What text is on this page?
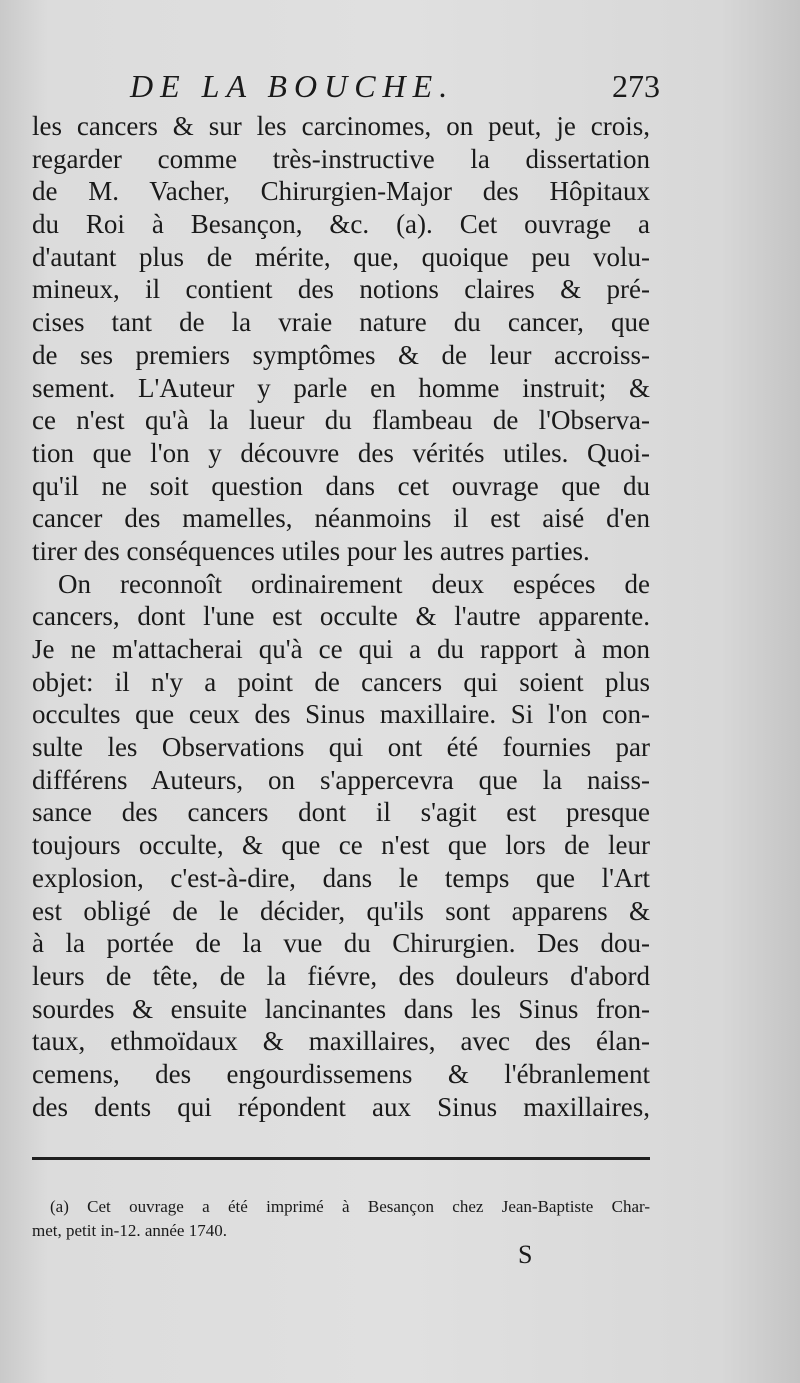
DE LA BOUCHE.	273
les cancers & sur les carcinomes, on peut, je crois,
regarder comme très-instructive la dissertation
de M. Vacher, Chirurgien-Major des Hôpitaux
du Roi à Besançon, &c. (a). Cet ouvrage a
d'autant plus de mérite, que, quoique peu volu-
mineux, il contient des notions claires & pré-
cises tant de la vraie nature du cancer, que
de ses premiers symptômes & de leur accroiss-
sement. L'Auteur y parle en homme instruit; &
ce n'est qu'à la lueur du flambeau de l'Observa-
tion que l'on y découvre des vérités utiles. Quoi-
qu'il ne soit question dans cet ouvrage que du
cancer des mamelles, néanmoins il est aisé d'en
tirer des conséquences utiles pour les autres parties.
On reconnoît ordinairement deux espéces de
cancers, dont l'une est occulte & l'autre apparente.
Je ne m'attacherai qu'à ce qui a du rapport à mon
objet: il n'y a point de cancers qui soient plus
occultes que ceux des Sinus maxillaire. Si l'on con-
sulte les Observations qui ont été fournies par
différens Auteurs, on s'appercevra que la naiss-
sance des cancers dont il s'agit est presque
toujours occulte, & que ce n'est que lors de leur
explosion, c'est-à-dire, dans le temps que l'Art
est obligé de le décider, qu'ils sont apparens &
à la portée de la vue du Chirurgien. Des dou-
leurs de tête, de la fiévre, des douleurs d'abord
sourdes & ensuite lancinantes dans les Sinus fron-
taux, ethmoïdaux & maxillaires, avec des élan-
cemens, des engourdissemens & l'ébranlement
des dents qui répondent aux Sinus maxillaires,
(a) Cet ouvrage a été imprimé à Besançon chez Jean-Baptiste Char-
met, petit in-12. année 1740.
S
